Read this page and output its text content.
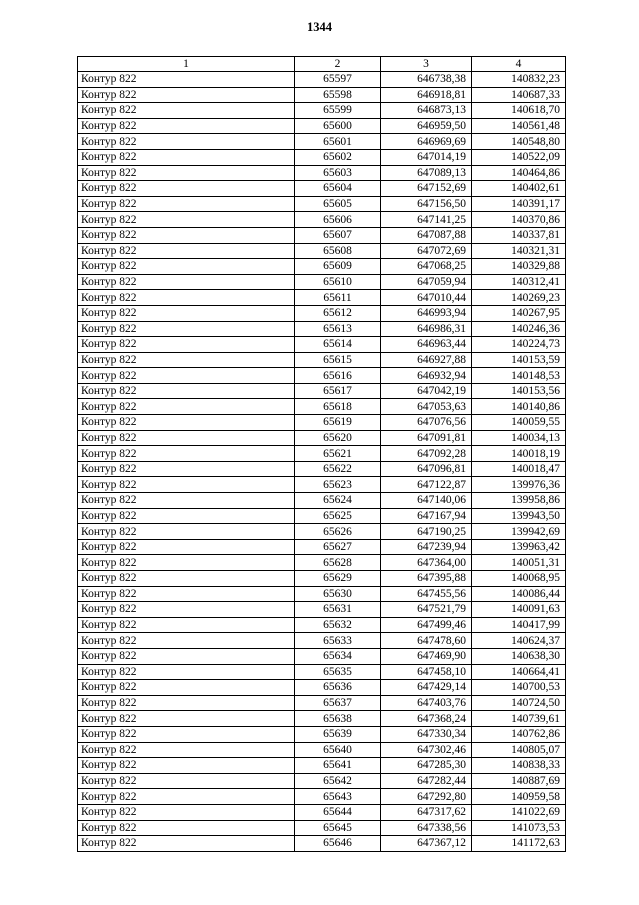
1344
1	2	3	4
Контур 822	65597	646738,38	140832,23
Контур 822	65598	646918,81	140687,33
Контур 822	65599	646873,13	140618,70
Контур 822	65600	646959,50	140561,48
Контур 822	65601	646969,69	140548,80
Контур 822	65602	647014,19	140522,09
Контур 822	65603	647089,13	140464,86
Контур 822	65604	647152,69	140402,61
Контур 822	65605	647156,50	140391,17
Контур 822	65606	647141,25	140370,86
Контур 822	65607	647087,88	140337,81
Контур 822	65608	647072,69	140321,31
Контур 822	65609	647068,25	140329,88
Контур 822	65610	647059,94	140312,41
Контур 822	65611	647010,44	140269,23
Контур 822	65612	646993,94	140267,95
Контур 822	65613	646986,31	140246,36
Контур 822	65614	646963,44	140224,73
Контур 822	65615	646927,88	140153,59
Контур 822	65616	646932,94	140148,53
Контур 822	65617	647042,19	140153,56
Контур 822	65618	647053,63	140140,86
Контур 822	65619	647076,56	140059,55
Контур 822	65620	647091,81	140034,13
Контур 822	65621	647092,28	140018,19
Контур 822	65622	647096,81	140018,47
Контур 822	65623	647122,87	139976,36
Контур 822	65624	647140,06	139958,86
Контур 822	65625	647167,94	139943,50
Контур 822	65626	647190,25	139942,69
Контур 822	65627	647239,94	139963,42
Контур 822	65628	647364,00	140051,31
Контур 822	65629	647395,88	140068,95
Контур 822	65630	647455,56	140086,44
Контур 822	65631	647521,79	140091,63
Контур 822	65632	647499,46	140417,99
Контур 822	65633	647478,60	140624,37
Контур 822	65634	647469,90	140638,30
Контур 822	65635	647458,10	140664,41
Контур 822	65636	647429,14	140700,53
Контур 822	65637	647403,76	140724,50
Контур 822	65638	647368,24	140739,61
Контур 822	65639	647330,34	140762,86
Контур 822	65640	647302,46	140805,07
Контур 822	65641	647285,30	140838,33
Контур 822	65642	647282,44	140887,69
Контур 822	65643	647292,80	140959,58
Контур 822	65644	647317,62	141022,69
Контур 822	65645	647338,56	141073,53
Контур 822	65646	647367,12	141172,63
